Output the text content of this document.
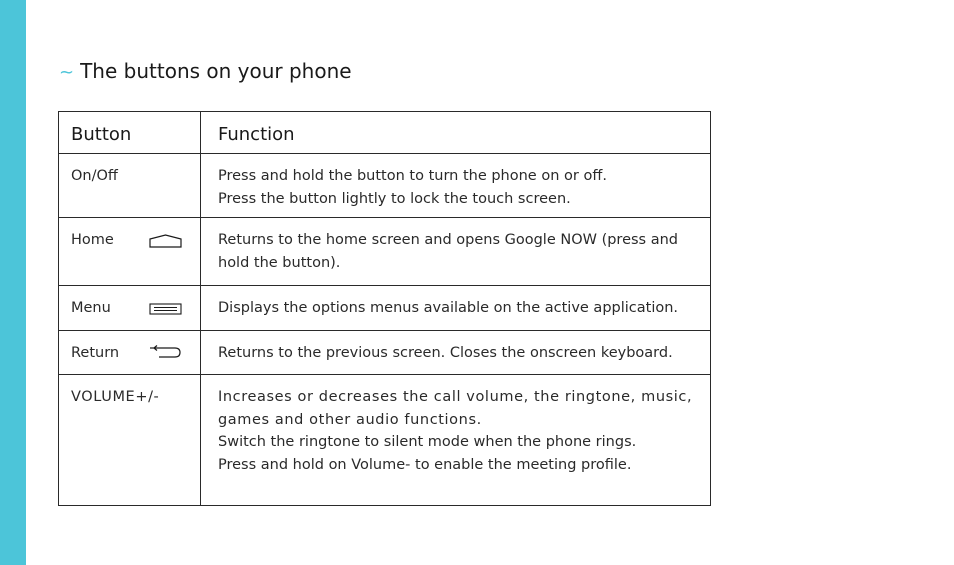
~ The buttons on your phone
Button	Function

On/Off	Press and hold the button to turn the phone on or off.
Press the button lightly to lock the touch screen.

Home	Returns to the home screen and opens Google NOW (press and hold the button).

Menu	Displays the options menus available on the active application.

Return	Returns to the previous screen. Closes the onscreen keyboard.

VOLUME+/-	Increases or decreases the call volume, the ringtone, music, games and other audio functions.
Switch the ringtone to silent mode when the phone rings.
Press and hold on Volume- to enable the meeting profile.
